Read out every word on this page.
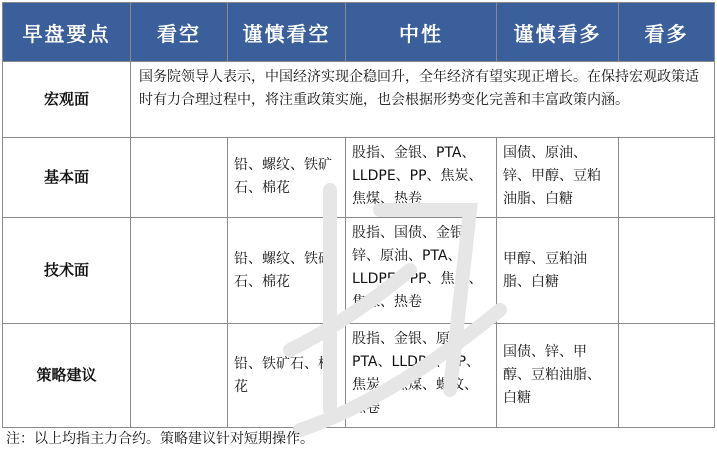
早盘要点	看空	谨慎看空	中性	谨慎看多	看多
宏观面	国务院领导人表示，中国经济实现企稳回升，全年经济有望实现正增长。在保持宏观政策适时有力合理过程中，将注重政策实施，也会根据形势变化完善和丰富政策内涵。				
基本面		铅、螺纹、铁矿石、棉花	股指、金银、PTA、LLDPE、PP、焦炭、焦煤、热卷	国债、原油、锌、甲醇、豆粕油脂、白糖	
技术面		铅、螺纹、铁矿石、棉花	股指、国债、金银、锌、原油、PTA、LLDPE、PP、焦炭、焦煤、热卷	甲醇、豆粕油脂、白糖	
策略建议		铅、铁矿石、棉花	股指、金银、原油、PTA、LLDPE、PP、焦炭、焦煤、螺纹、热卷	国债、锌、甲醇、豆粕油脂、白糖	
注：以上均指主力合约。策略建议针对短期操作。
